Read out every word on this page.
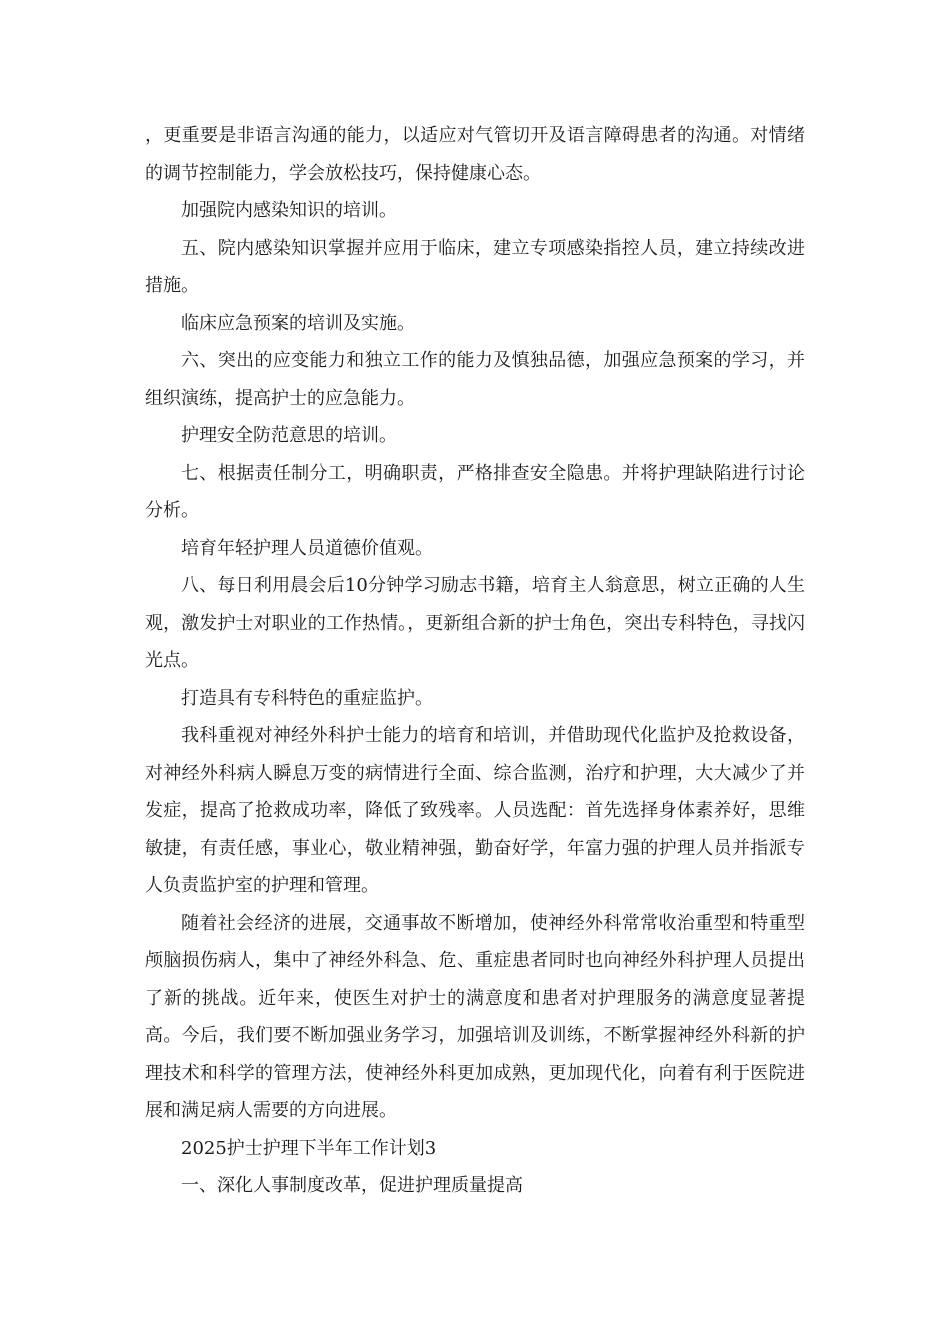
，更重要是非语言沟通的能力，以适应对气管切开及语言障碍患者的沟通。对情绪的调节控制能力，学会放松技巧，保持健康心态。

加强院内感染知识的培训。

五、院内感染知识掌握并应用于临床，建立专项感染指控人员，建立持续改进措施。

临床应急预案的培训及实施。

六、突出的应变能力和独立工作的能力及慎独品德，加强应急预案的学习，并组织演练，提高护士的应急能力。

护理安全防范意思的培训。

七、根据责任制分工，明确职责，严格排查安全隐患。并将护理缺陷进行讨论分析。

培育年轻护理人员道德价值观。

八、每日利用晨会后10分钟学习励志书籍，培育主人翁意思，树立正确的人生观，激发护士对职业的工作热情。，更新组合新的护士角色，突出专科特色，寻找闪光点。

打造具有专科特色的重症监护。

我科重视对神经外科护士能力的培育和培训，并借助现代化监护及抢救设备，对神经外科病人瞬息万变的病情进行全面、综合监测，治疗和护理，大大减少了并发症，提高了抢救成功率，降低了致残率。人员选配：首先选择身体素养好，思维敏捷，有责任感，事业心，敬业精神强，勤奋好学，年富力强的护理人员并指派专人负责监护室的护理和管理。

随着社会经济的进展，交通事故不断增加，使神经外科常常收治重型和特重型颅脑损伤病人，集中了神经外科急、危、重症患者同时也向神经外科护理人员提出了新的挑战。近年来，使医生对护士的满意度和患者对护理服务的满意度显著提高。今后，我们要不断加强业务学习，加强培训及训练，不断掌握神经外科新的护理技术和科学的管理方法，使神经外科更加成熟，更加现代化，向着有利于医院进展和满足病人需要的方向进展。

2025护士护理下半年工作计划3

一、深化人事制度改革，促进护理质量提高
